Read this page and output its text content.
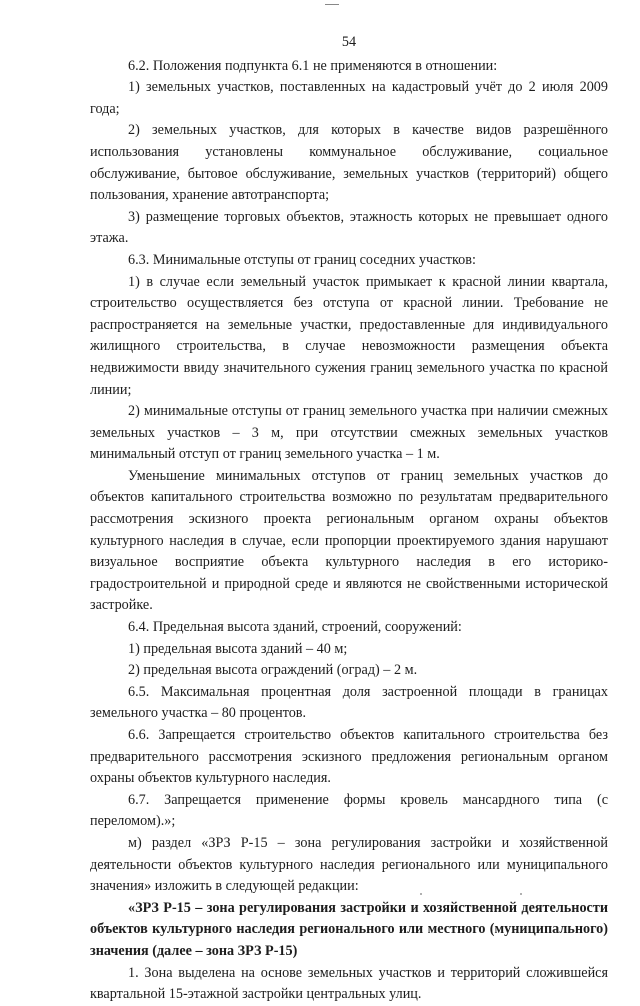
54

6.2. Положения подпункта 6.1 не применяются в отношении:

1) земельных участков, поставленных на кадастровый учёт до 2 июля 2009 года;

2) земельных участков, для которых в качестве видов разрешённого использования установлены коммунальное обслуживание, социальное обслуживание, бытовое обслуживание, земельных участков (территорий) общего пользования, хранение автотранспорта;

3) размещение торговых объектов, этажность которых не превышает одного этажа.

6.3. Минимальные отступы от границ соседних участков:

1) в случае если земельный участок примыкает к красной линии квартала, строительство осуществляется без отступа от красной линии. Требование не распространяется на земельные участки, предоставленные для индивидуального жилищного строительства, в случае невозможности размещения объекта недвижимости ввиду значительного сужения границ земельного участка по красной линии;

2) минимальные отступы от границ земельного участка при наличии смежных земельных участков – 3 м, при отсутствии смежных земельных участков минимальный отступ от границ земельного участка – 1 м.

Уменьшение минимальных отступов от границ земельных участков до объектов капитального строительства возможно по результатам предварительного рассмотрения эскизного проекта региональным органом охраны объектов культурного наследия в случае, если пропорции проектируемого здания нарушают визуальное восприятие объекта культурного наследия в его историко-градостроительной и природной среде и являются не свойственными исторической застройке.

6.4. Предельная высота зданий, строений, сооружений:

1) предельная высота зданий – 40 м;

2) предельная высота ограждений (оград) – 2 м.

6.5. Максимальная процентная доля застроенной площади в границах земельного участка – 80 процентов.

6.6. Запрещается строительство объектов капитального строительства без предварительного рассмотрения эскизного предложения региональным органом охраны объектов культурного наследия.

6.7. Запрещается применение формы кровель мансардного типа (с переломом).»;

м) раздел «ЗРЗ Р-15 – зона регулирования застройки и хозяйственной деятельности объектов культурного наследия регионального или муниципального значения» изложить в следующей редакции:

«ЗРЗ Р-15 – зона регулирования застройки и хозяйственной деятельности объектов культурного наследия регионального или местного (муниципального) значения (далее – зона ЗРЗ Р-15)

1. Зона выделена на основе земельных участков и территорий сложившейся квартальной 15-этажной застройки центральных улиц.
